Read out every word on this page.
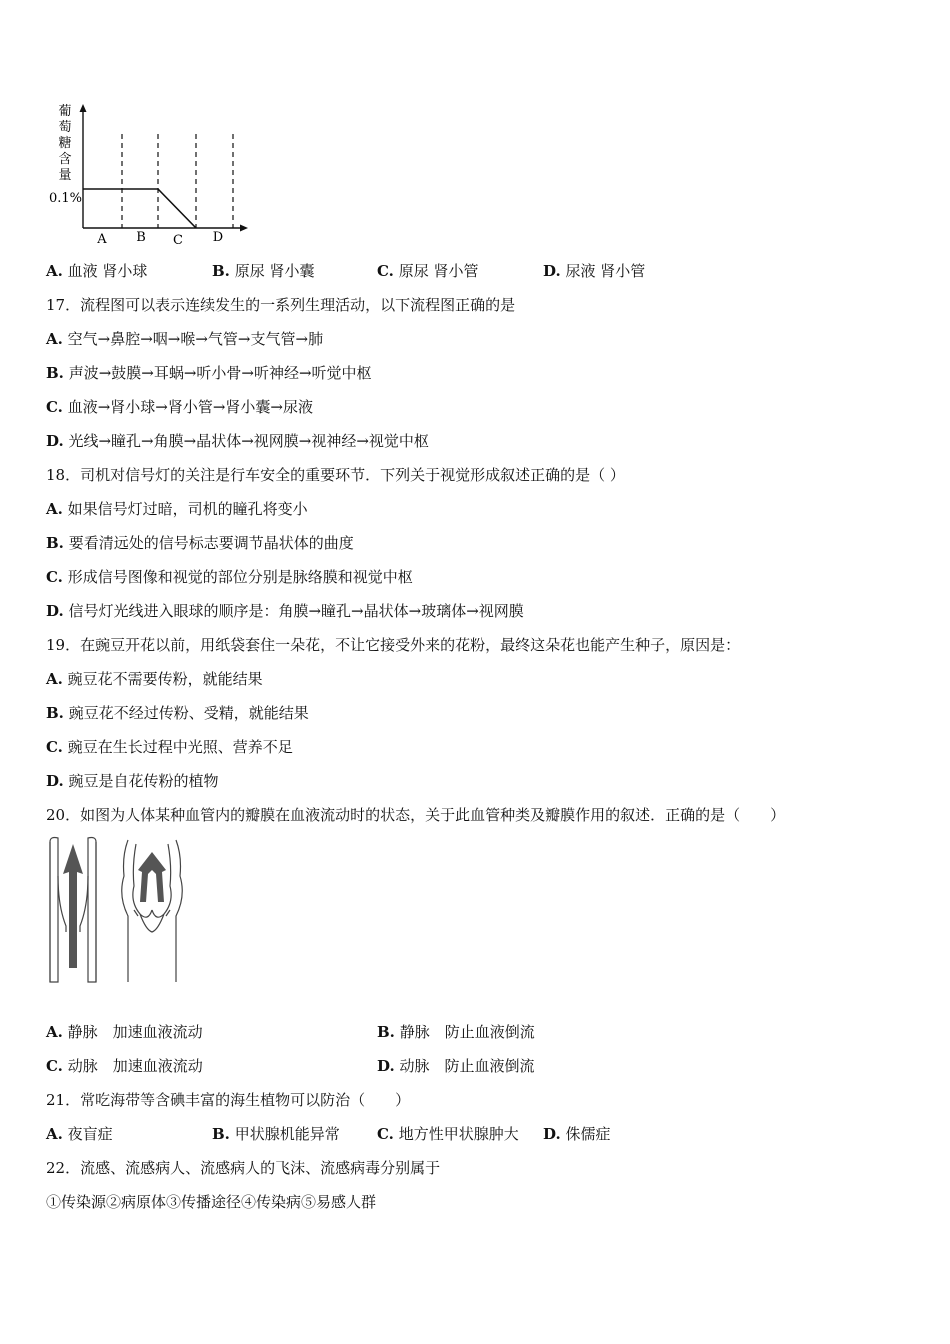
葡
萄
糖
含
量
0.1%
A B C D
A. 血液 肾小球	B. 原尿 肾小囊	C. 原尿 肾小管	D. 尿液 肾小管
17．流程图可以表示连续发生的一系列生理活动，以下流程图正确的是
A. 空气→鼻腔→咽→喉→气管→支气管→肺
B. 声波→鼓膜→耳蜗→听小骨→听神经→听觉中枢
C. 血液→肾小球→肾小管→肾小囊→尿液
D. 光线→瞳孔→角膜→晶状体→视网膜→视神经→视觉中枢
18．司机对信号灯的关注是行车安全的重要环节．下列关于视觉形成叙述正确的是（ ）
A. 如果信号灯过暗，司机的瞳孔将变小
B. 要看清远处的信号标志要调节晶状体的曲度
C. 形成信号图像和视觉的部位分别是脉络膜和视觉中枢
D. 信号灯光线进入眼球的顺序是：角膜→瞳孔→晶状体→玻璃体→视网膜
19．在豌豆开花以前，用纸袋套住一朵花，不让它接受外来的花粉，最终这朵花也能产生种子，原因是：
A. 豌豆花不需要传粉，就能结果
B. 豌豆花不经过传粉、受精，就能结果
C. 豌豆在生长过程中光照、营养不足
D. 豌豆是自花传粉的植物
20．如图为人体某种血管内的瓣膜在血液流动时的状态，关于此血管种类及瓣膜作用的叙述．正确的是（　　）
A. 静脉　加速血液流动	B. 静脉　防止血液倒流
C. 动脉　加速血液流动	D. 动脉　防止血液倒流
21．常吃海带等含碘丰富的海生植物可以防治（　　）
A. 夜盲症	B. 甲状腺机能异常 C. 地方性甲状腺肿大 D. 侏儒症
22．流感、流感病人、流感病人的飞沫、流感病毒分别属于
①传染源②病原体③传播途径④传染病⑤易感人群
